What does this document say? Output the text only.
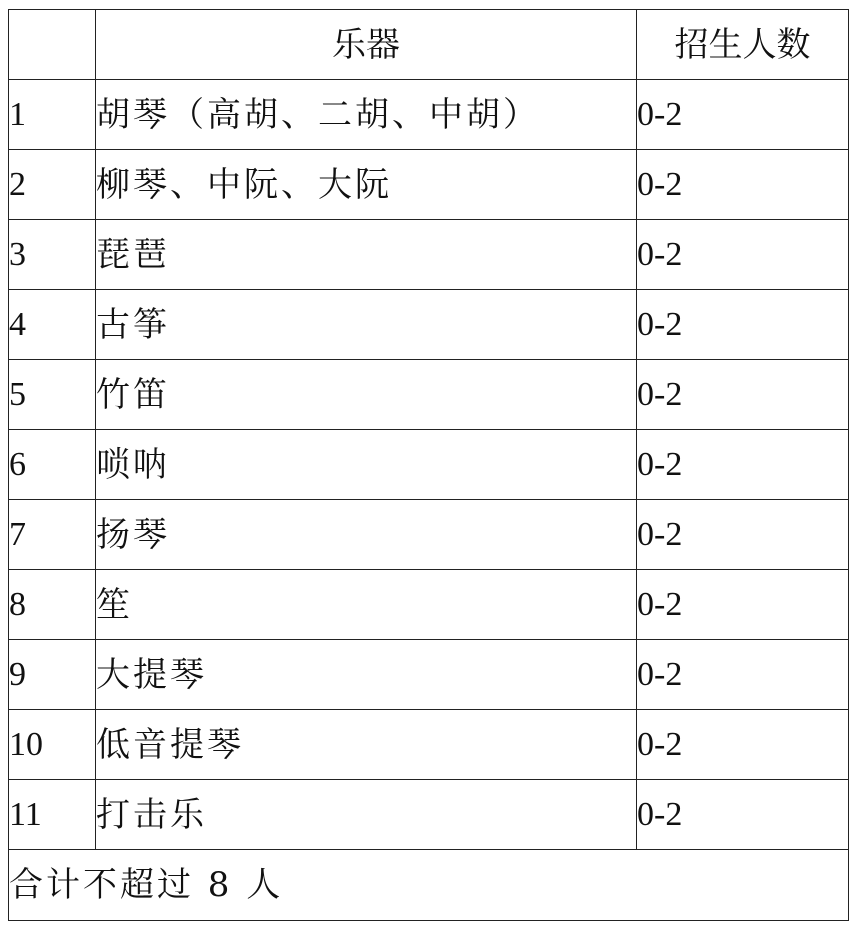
	乐器	招生人数
1	胡琴（高胡、二胡、中胡）	0-2
2	柳琴、中阮、大阮	0-2
3	琵琶	0-2
4	古筝	0-2
5	竹笛	0-2
6	唢呐	0-2
7	扬琴	0-2
8	笙	0-2
9	大提琴	0-2
10	低音提琴	0-2
11	打击乐	0-2
合计不超过 8 人		
